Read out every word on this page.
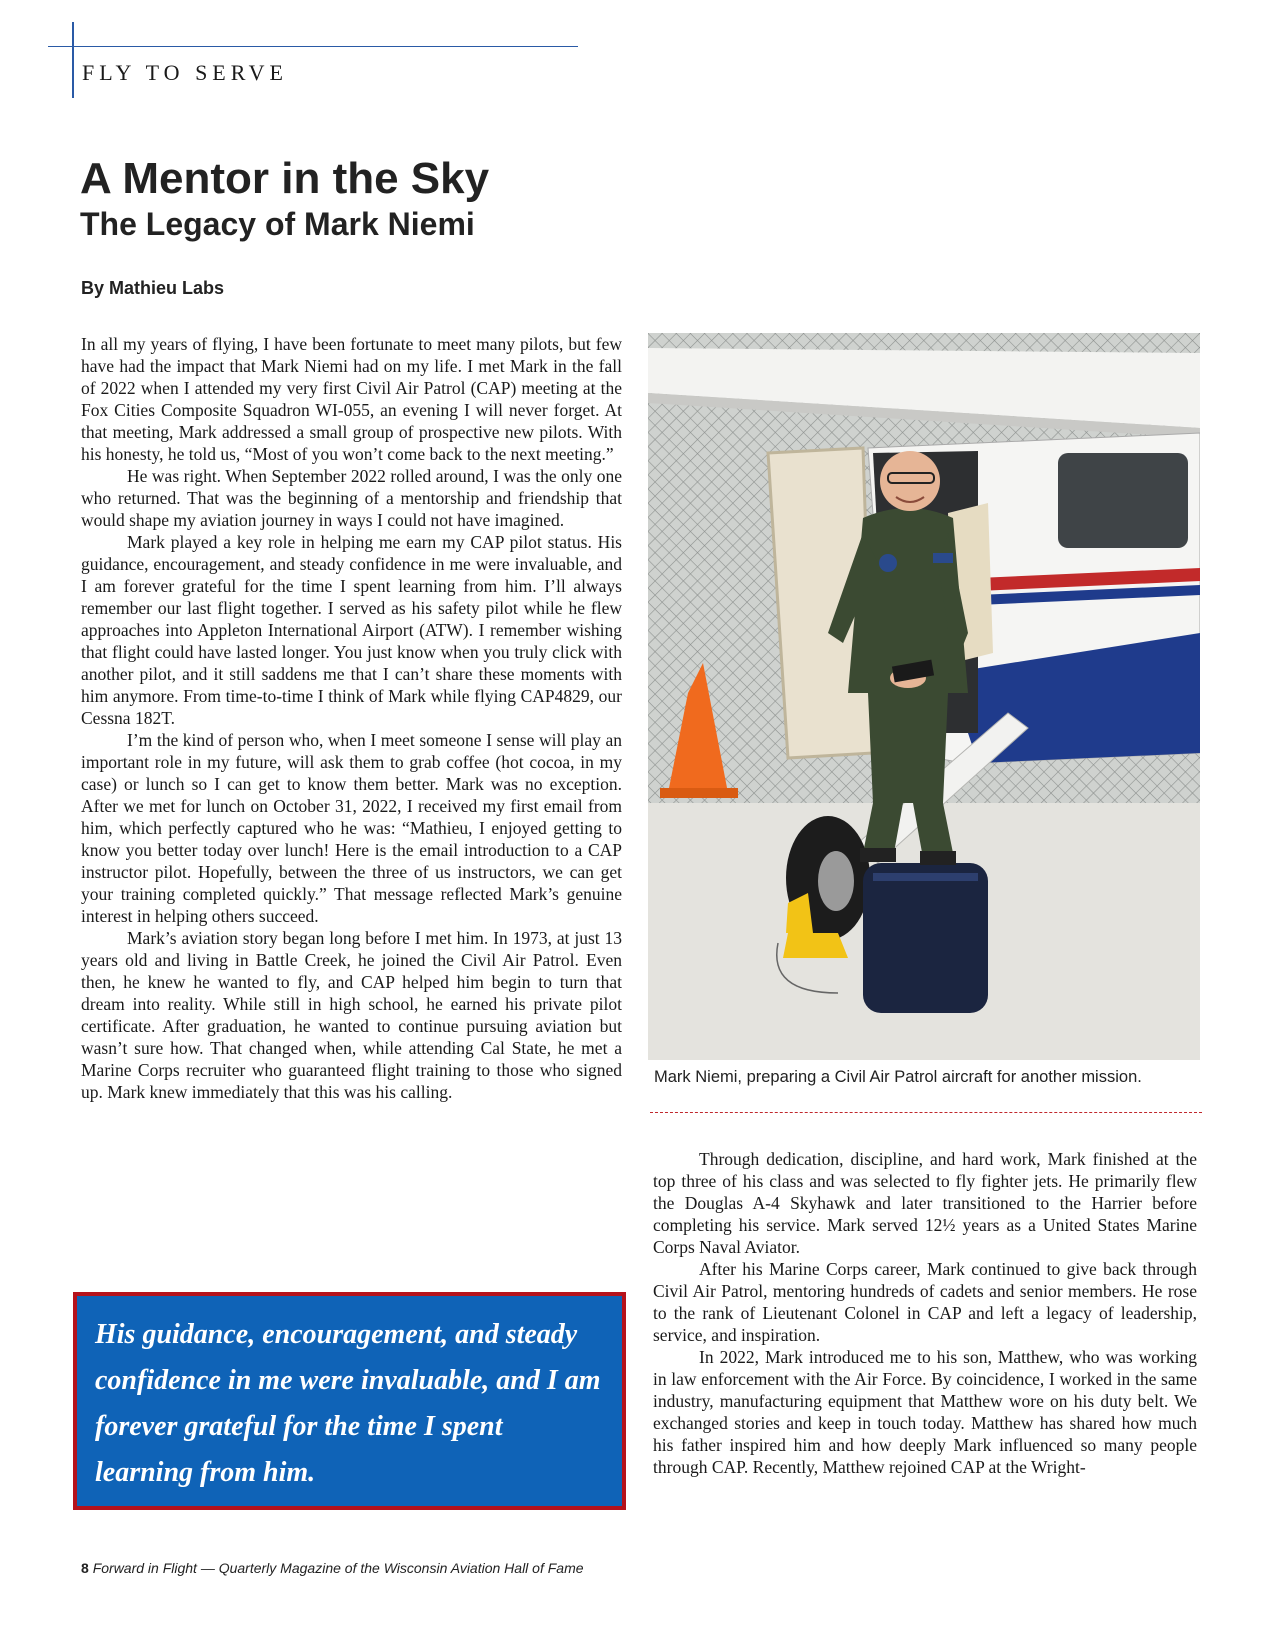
FLY TO SERVE
A Mentor in the Sky
The Legacy of Mark Niemi
By Mathieu Labs

In all my years of flying, I have been fortunate to meet many pilots, but few have had the impact that Mark Niemi had on my life. I met Mark in the fall of 2022 when I attended my very first Civil Air Patrol (CAP) meeting at the Fox Cities Composite Squadron WI-055, an evening I will never forget. At that meeting, Mark addressed a small group of prospective new pilots. With his honesty, he told us, “Most of you won’t come back to the next meeting.”

He was right. When September 2022 rolled around, I was the only one who returned. That was the beginning of a mentorship and friendship that would shape my aviation journey in ways I could not have imagined.

Mark played a key role in helping me earn my CAP pilot status. His guidance, encouragement, and steady confidence in me were invaluable, and I am forever grateful for the time I spent learning from him. I’ll always remember our last flight together. I served as his safety pilot while he flew approaches into Appleton International Airport (ATW). I remember wishing that flight could have lasted longer. You just know when you truly click with another pilot, and it still saddens me that I can’t share these moments with him anymore. From time-to-time I think of Mark while flying CAP4829, our Cessna 182T.

I’m the kind of person who, when I meet someone I sense will play an important role in my future, will ask them to grab coffee (hot cocoa, in my case) or lunch so I can get to know them better. Mark was no exception. After we met for lunch on October 31, 2022, I received my first email from him, which perfectly captured who he was: “Mathieu, I enjoyed getting to know you better today over lunch! Here is the email introduction to a CAP instructor pilot. Hopefully, between the three of us instructors, we can get your training completed quickly.” That message reflected Mark’s genuine interest in helping others succeed.

Mark’s aviation story began long before I met him. In 1973, at just 13 years old and living in Battle Creek, he joined the Civil Air Patrol. Even then, he knew he wanted to fly, and CAP helped him begin to turn that dream into reality. While still in high school, he earned his private pilot certificate. After graduation, he wanted to continue pursuing aviation but wasn’t sure how. That changed when, while attending Cal State, he met a Marine Corps recruiter who guaranteed flight training to those who signed up. Mark knew immediately that this was his calling.

Mark Niemi, preparing a Civil Air Patrol aircraft for another mission.

Through dedication, discipline, and hard work, Mark finished at the top three of his class and was selected to fly fighter jets. He primarily flew the Douglas A-4 Skyhawk and later transitioned to the Harrier before completing his service. Mark served 12½ years as a United States Marine Corps Naval Aviator.

After his Marine Corps career, Mark continued to give back through Civil Air Patrol, mentoring hundreds of cadets and senior members. He rose to the rank of Lieutenant Colonel in CAP and left a legacy of leadership, service, and inspiration.

In 2022, Mark introduced me to his son, Matthew, who was working in law enforcement with the Air Force. By coincidence, I worked in the same industry, manufacturing equipment that Matthew wore on his duty belt. We exchanged stories and keep in touch today. Matthew has shared how much his father inspired him and how deeply Mark influenced so many people through CAP. Recently, Matthew rejoined CAP at the Wright-

His guidance, encouragement, and steady confidence in me were invaluable, and I am forever grateful for the time I spent learning from him.
8 Forward in Flight — Quarterly Magazine of the Wisconsin Aviation Hall of Fame
